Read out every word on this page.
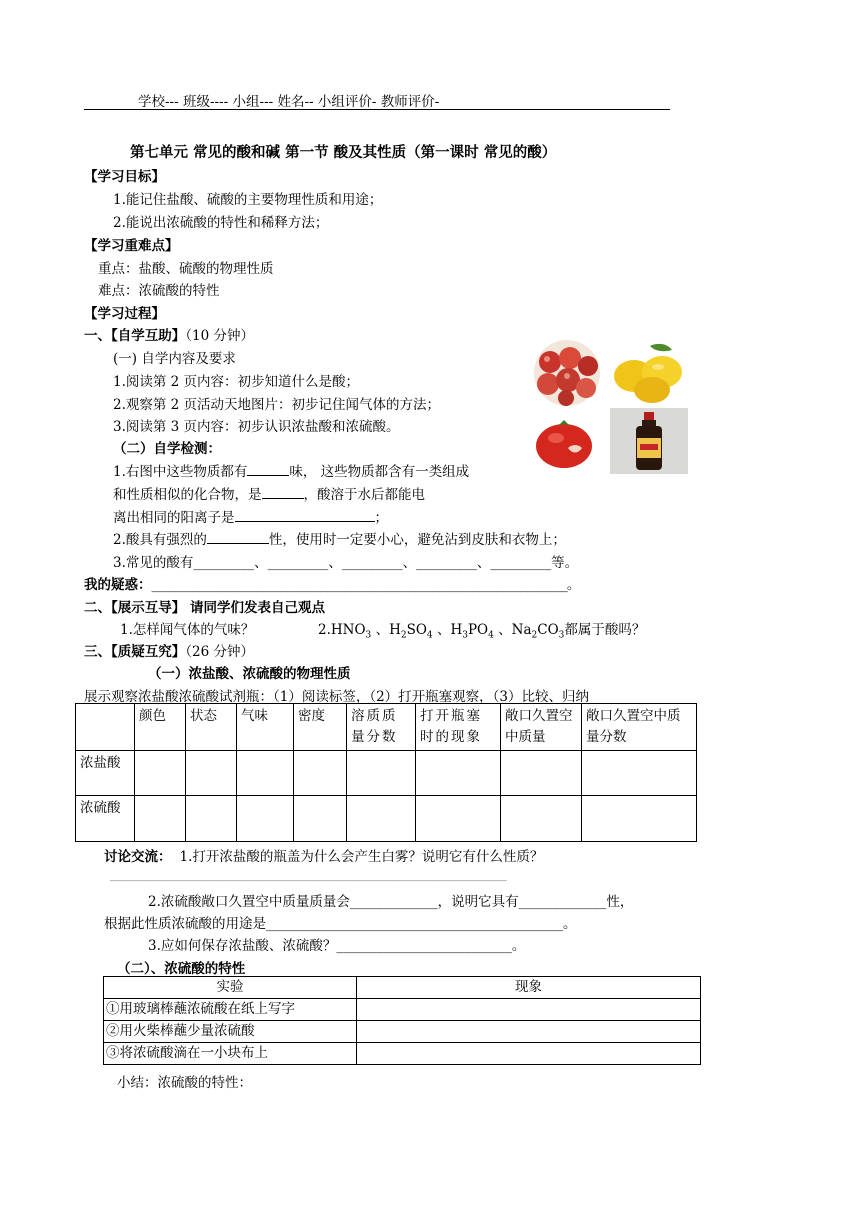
学校--- 班级---- 小组--- 姓名-- 小组评价- 教师评价-
第七单元 常见的酸和碱 第一节 酸及其性质（第一课时 常见的酸）
【学习目标】
1.能记住盐酸、硫酸的主要物理性质和用途；
2.能说出浓硫酸的特性和稀释方法；
【学习重难点】
重点：盐酸、硫酸的物理性质
难点：浓硫酸的特性
【学习过程】
一、【自学互助】（10 分钟）
(一) 自学内容及要求
1.阅读第 2 页内容：初步知道什么是酸；
2.观察第 2 页活动天地图片：初步记住闻气体的方法；
3.阅读第 3 页内容：初步认识浓盐酸和浓硫酸。
（二）自学检测：
1.右图中这些物质都有	味， 这些物质都含有一类组成
和性质相似的化合物，是	，酸溶于水后都能电
离出相同的阳离子是	；
2.酸具有强烈的	性，使用时一定要小心，避免沾到皮肤和衣物上；
3.常见的酸有_________、_________、_________、_________、_________等。
我的疑惑：_______________________________________________________________________。
二、【展示互导】 请同学们发表自己观点
1.怎样闻气体的气味？	$2.HNO_3$ 、$H_2SO_4$ 、$H_3PO_4$ 、$Na_2CO_3$都属于酸吗？
三、【质疑互究】（26 分钟）
（一）浓盐酸、浓硫酸的物理性质
展示观察浓盐酸浓硫酸试剂瓶：（1）阅读标签，（2）打开瓶塞观察，（3）比较、归纳
	颜色	状态	气味	密度	溶质质量分数	打开瓶塞时的现象	敞口久置空中质量	敞口久置空中质量分数
浓盐酸								
浓硫酸								
讨论交流： 1.打开浓盐酸的瓶盖为什么会产生白雾？说明它有什么性质？
______________________________________________________________________
2.浓硫酸敞口久置空中质量质量会_____________，说明它具有_____________性，
根据此性质浓硫酸的用途是____________________________________________。
3.应如何保存浓盐酸、浓硫酸？__________________________。
（二）、浓硫酸的特性
实验	现象
①用玻璃棒蘸浓硫酸在纸上写字	
②用火柴棒蘸少量浓硫酸	
③将浓硫酸滴在一小块布上	
小结：浓硫酸的特性：
